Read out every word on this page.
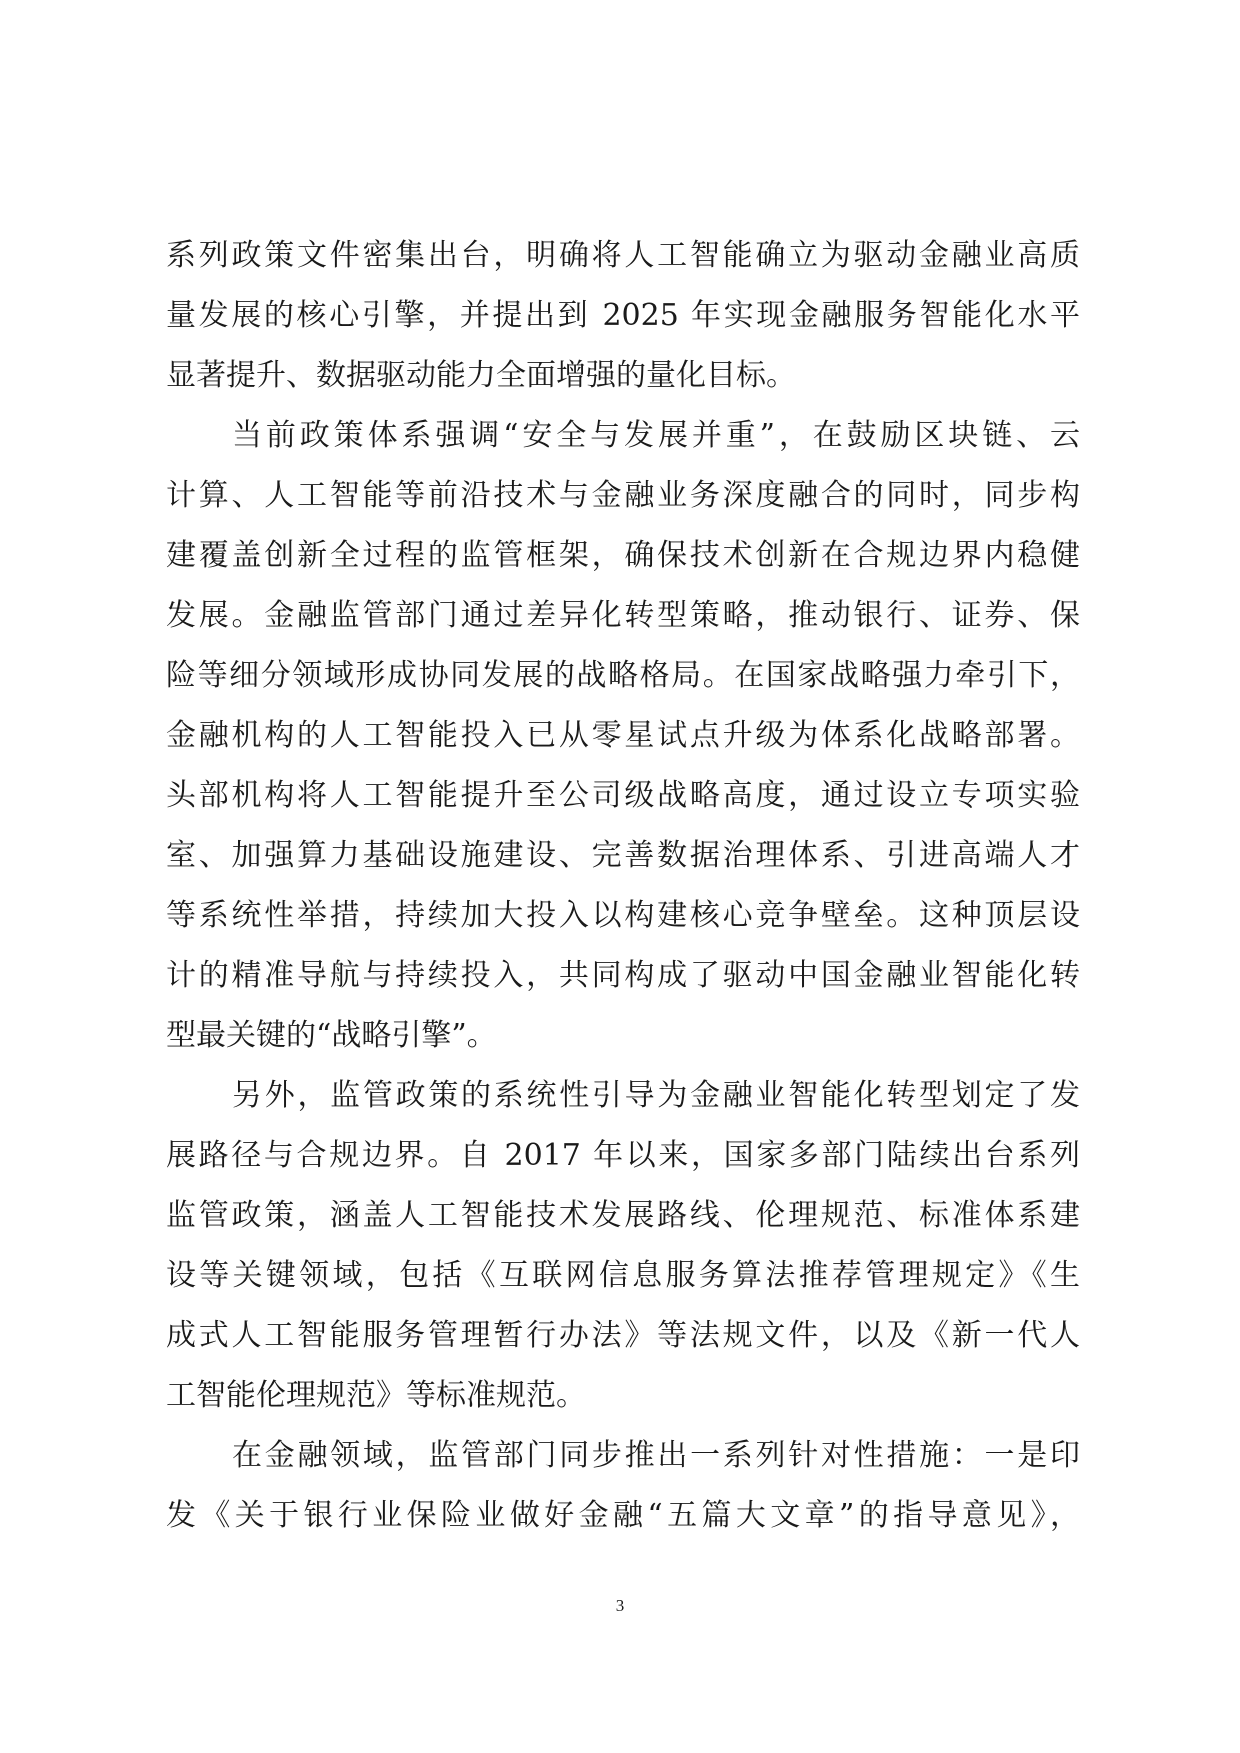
系列政策文件密集出台，明确将人工智能确立为驱动金融业高质
量发展的核心引擎，并提出到 2025 年实现金融服务智能化水平
显著提升、数据驱动能力全面增强的量化目标。
当前政策体系强调“安全与发展并重”，在鼓励区块链、云
计算、人工智能等前沿技术与金融业务深度融合的同时，同步构
建覆盖创新全过程的监管框架，确保技术创新在合规边界内稳健
发展。金融监管部门通过差异化转型策略，推动银行、证券、保
险等细分领域形成协同发展的战略格局。在国家战略强力牵引下，
金融机构的人工智能投入已从零星试点升级为体系化战略部署。
头部机构将人工智能提升至公司级战略高度，通过设立专项实验
室、加强算力基础设施建设、完善数据治理体系、引进高端人才
等系统性举措，持续加大投入以构建核心竞争壁垒。这种顶层设
计的精准导航与持续投入，共同构成了驱动中国金融业智能化转
型最关键的“战略引擎”。
另外，监管政策的系统性引导为金融业智能化转型划定了发
展路径与合规边界。自 2017 年以来，国家多部门陆续出台系列
监管政策，涵盖人工智能技术发展路线、伦理规范、标准体系建
设等关键领域，包括《互联网信息服务算法推荐管理规定》《生
成式人工智能服务管理暂行办法》等法规文件，以及《新一代人
工智能伦理规范》等标准规范。
在金融领域，监管部门同步推出一系列针对性措施：一是印
发《关于银行业保险业做好金融“五篇大文章”的指导意见》，
3
